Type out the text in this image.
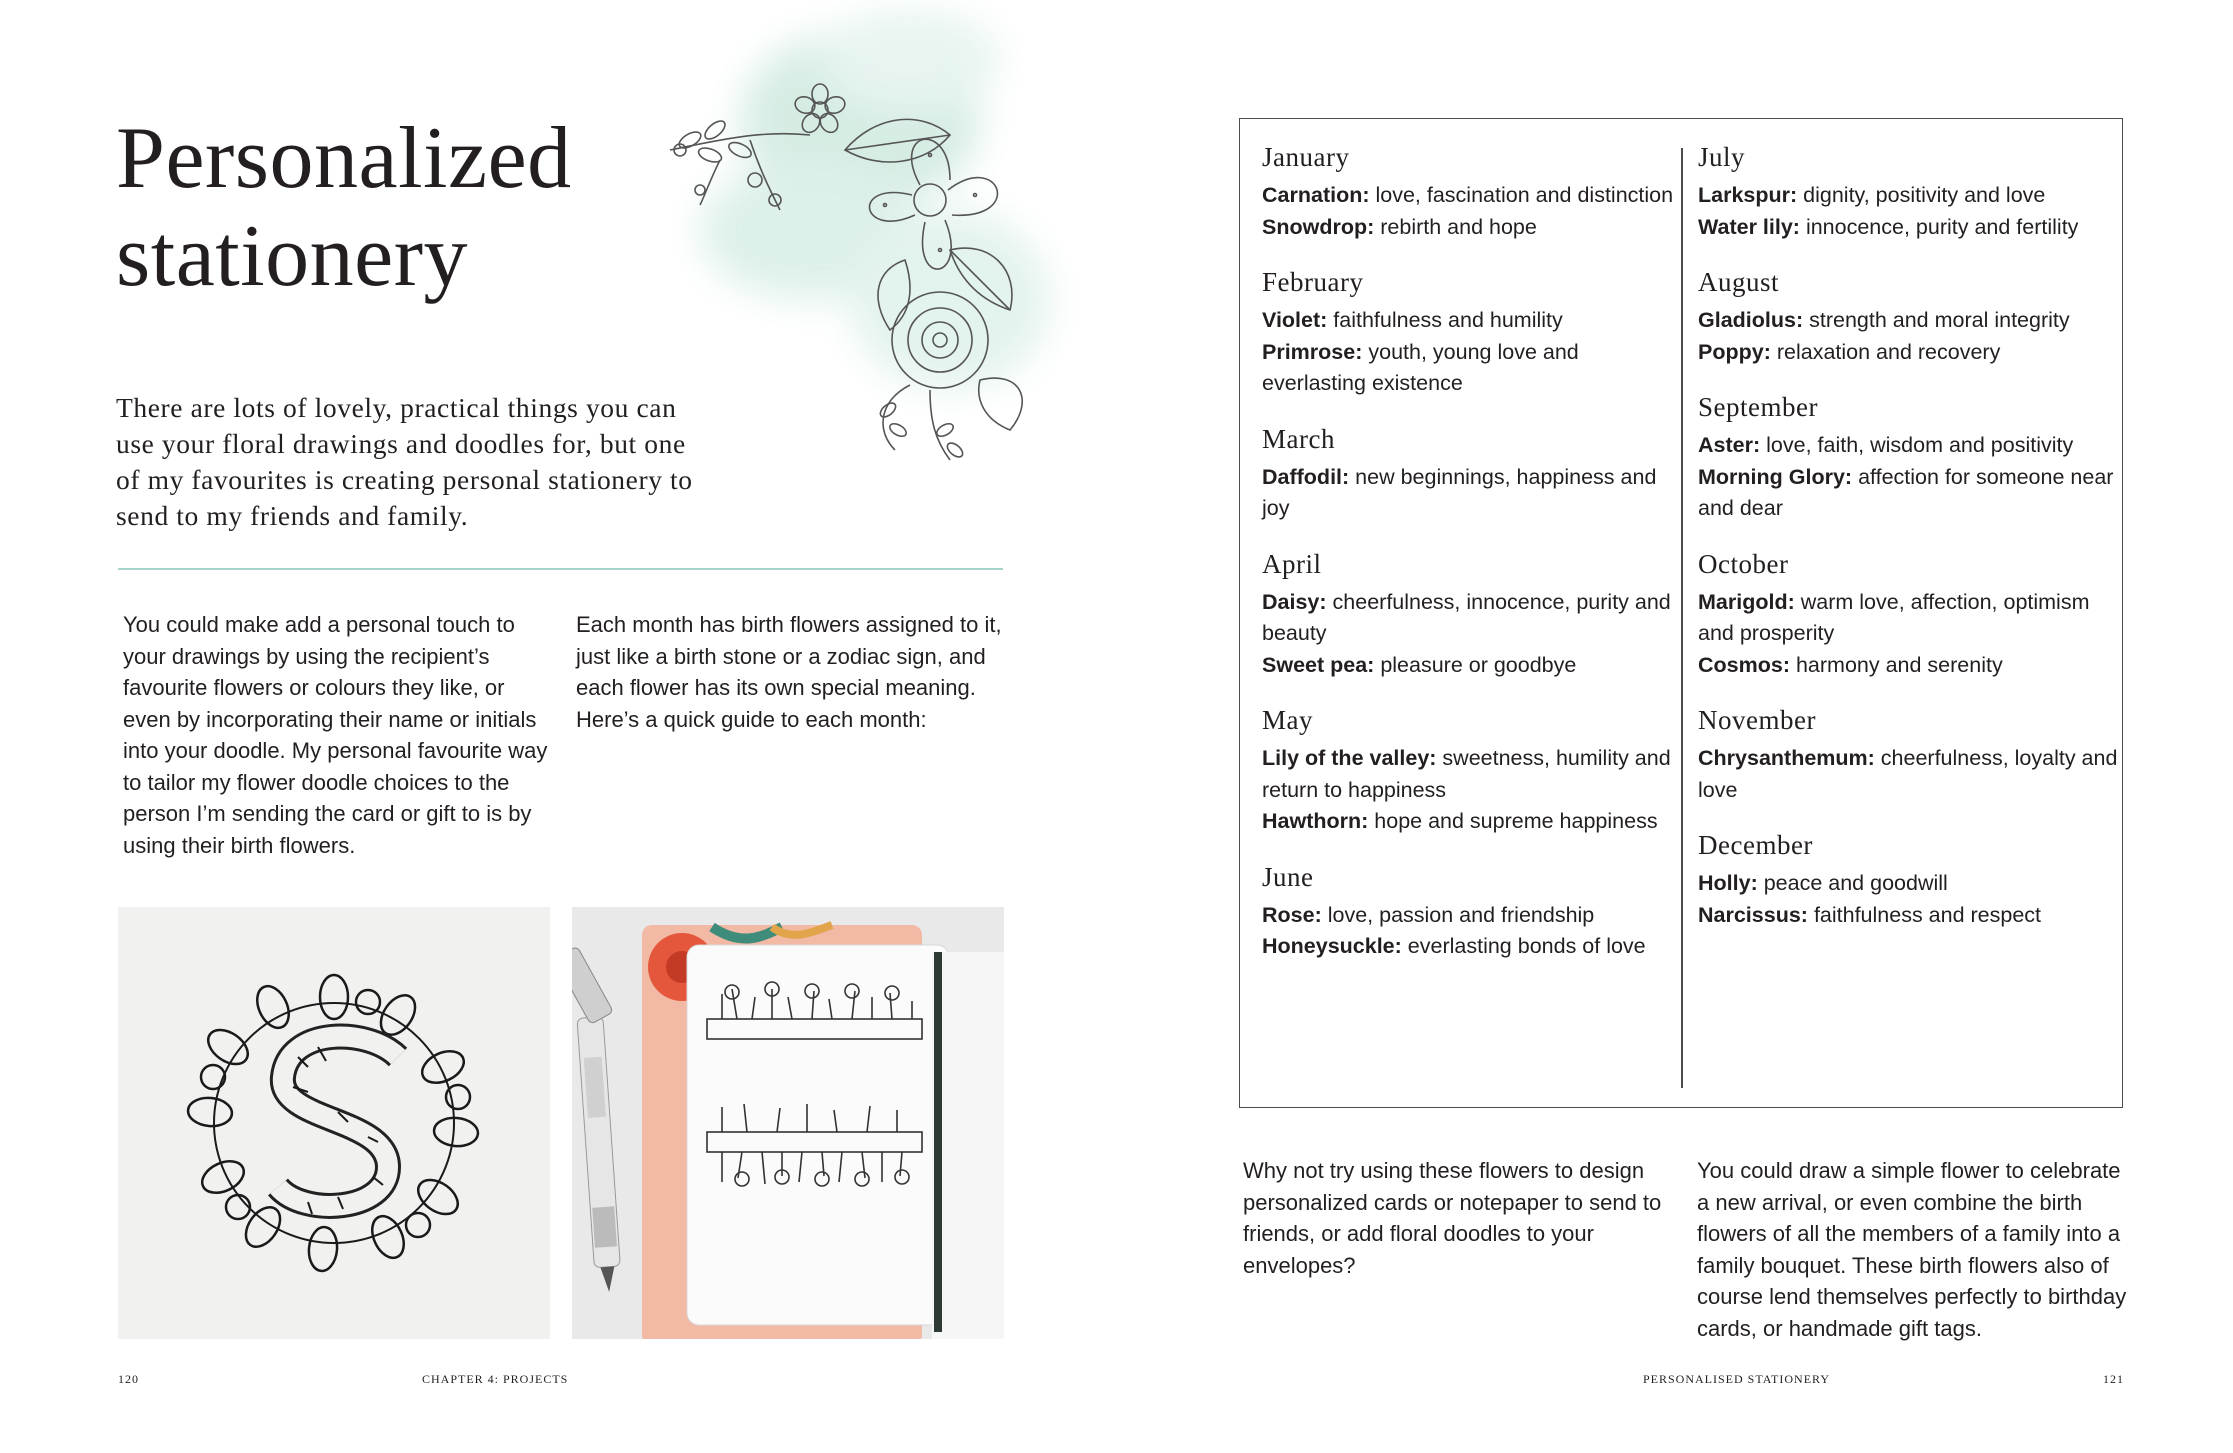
Personalized
stationery
There are lots of lovely, practical things you can use your floral drawings and doodles for, but one of my favourites is creating personal stationery to send to my friends and family.
You could make add a personal touch to your drawings by using the recipient’s favourite flowers or colours they like, or even by incorporating their name or initials into your doodle. My personal favourite way to tailor my flower doodle choices to the person I’m sending the card or gift to is by using their birth flowers.
Each month has birth flowers assigned to it, just like a birth stone or a zodiac sign, and each flower has its own special meaning. Here’s a quick guide to each month:
120	CHAPTER 4: PROJECTS
January

Carnation: love, fascination and distinction

Snowdrop: rebirth and hope

February

Violet: faithfulness and humility

Primrose: youth, young love and everlasting existence

March

Daffodil: new beginnings, happiness and joy

April

Daisy: cheerfulness, innocence, purity and beauty

Sweet pea: pleasure or goodbye

May

Lily of the valley: sweetness, humility and return to happiness

Hawthorn: hope and supreme happiness

June

Rose: love, passion and friendship

Honeysuckle: everlasting bonds of love

July

Larkspur: dignity, positivity and love

Water lily: innocence, purity and fertility

August

Gladiolus: strength and moral integrity

Poppy: relaxation and recovery

September

Aster: love, faith, wisdom and positivity

Morning Glory: affection for someone near and dear

October

Marigold: warm love, affection, optimism and prosperity

Cosmos: harmony and serenity

November

Chrysanthemum: cheerfulness, loyalty and love

December

Holly: peace and goodwill

Narcissus: faithfulness and respect

Why not try using these flowers to design personalized cards or notepaper to send to friends, or add floral doodles to your envelopes?
You could draw a simple flower to celebrate a new arrival, or even combine the birth flowers of all the members of a family into a family bouquet. These birth flowers also of course lend themselves perfectly to birthday cards, or handmade gift tags.
PERSONALISED STATIONERY	121
